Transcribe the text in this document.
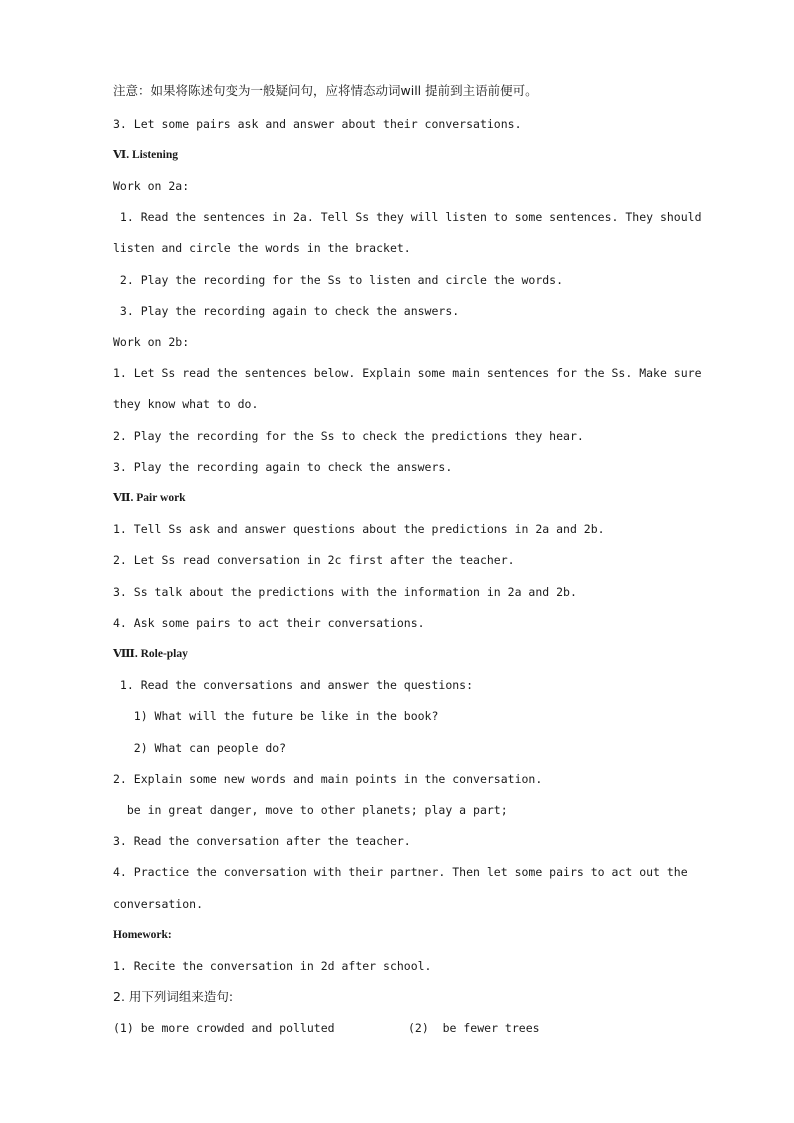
注意：如果将陈述句变为一般疑问句，应将情态动词will 提前到主语前便可。
3. Let some pairs ask and answer about their conversations.
Ⅵ. Listening
Work on 2a:
1. Read the sentences in 2a. Tell Ss they will listen to some sentences. They should
listen and circle the words in the bracket.
2. Play the recording for the Ss to listen and circle the words.
3. Play the recording again to check the answers.
Work on 2b:
1. Let Ss read the sentences below. Explain some main sentences for the Ss. Make sure
they know what to do.
2. Play the recording for the Ss to check the predictions they hear.
3. Play the recording again to check the answers.
Ⅶ. Pair work
1. Tell Ss ask and answer questions about the predictions in 2a and 2b.
2. Let Ss read conversation in 2c first after the teacher.
3. Ss talk about the predictions with the information in 2a and 2b.
4. Ask some pairs to act their conversations.
Ⅷ. Role-play
1. Read the conversations and answer the questions:
1) What will the future be like in the book?
2) What can people do?
2. Explain some new words and main points in the conversation.
be in great danger, move to other planets; play a part;
3. Read the conversation after the teacher.
4. Practice the conversation with their partner. Then let some pairs to act out the
conversation.
Homework:
1. Recite the conversation in 2d after school.
2. 用下列词组来造句:
(1) be more crowded and polluted	(2)  be fewer trees
